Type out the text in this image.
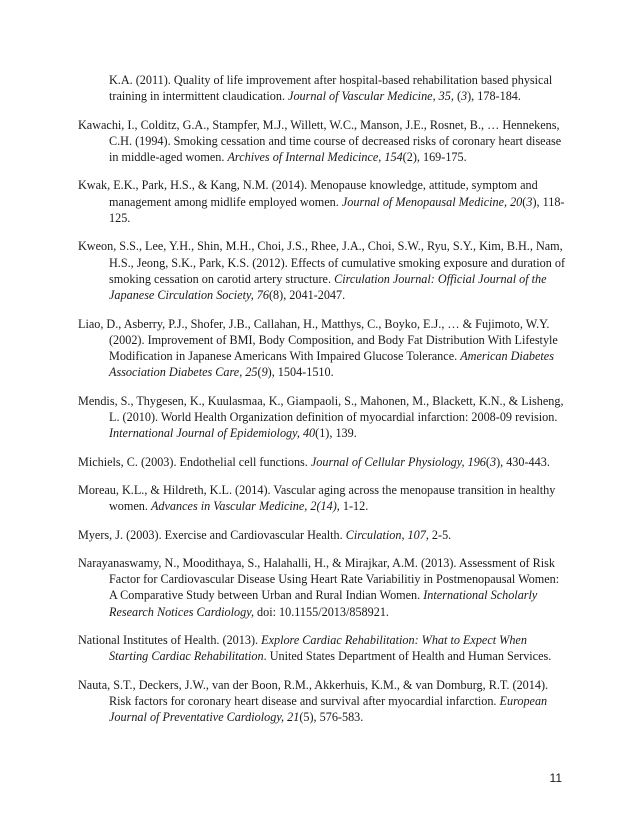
K.A. (2011). Quality of life improvement after hospital-based rehabilitation based physical training in intermittent claudication. Journal of Vascular Medicine, 35, (3), 178-184.

Kawachi, I., Colditz, G.A., Stampfer, M.J., Willett, W.C., Manson, J.E., Rosnet, B., … Hennekens, C.H. (1994). Smoking cessation and time course of decreased risks of coronary heart disease in middle-aged women. Archives of Internal Medicince, 154(2), 169-175.

Kwak, E.K., Park, H.S., & Kang, N.M. (2014). Menopause knowledge, attitude, symptom and management among midlife employed women. Journal of Menopausal Medicine, 20(3), 118-125.

Kweon, S.S., Lee, Y.H., Shin, M.H., Choi, J.S., Rhee, J.A., Choi, S.W., Ryu, S.Y., Kim, B.H., Nam, H.S., Jeong, S.K., Park, K.S. (2012). Effects of cumulative smoking exposure and duration of smoking cessation on carotid artery structure. Circulation Journal: Official Journal of the Japanese Circulation Society, 76(8), 2041-2047.

Liao, D., Asberry, P.J., Shofer, J.B., Callahan, H., Matthys, C., Boyko, E.J., … & Fujimoto, W.Y. (2002). Improvement of BMI, Body Composition, and Body Fat Distribution With Lifestyle Modification in Japanese Americans With Impaired Glucose Tolerance. American Diabetes Association Diabetes Care, 25(9), 1504-1510.

Mendis, S., Thygesen, K., Kuulasmaa, K., Giampaoli, S., Mahonen, M., Blackett, K.N., & Lisheng, L. (2010). World Health Organization definition of myocardial infarction: 2008-09 revision. International Journal of Epidemiology, 40(1), 139.

Michiels, C. (2003). Endothelial cell functions. Journal of Cellular Physiology, 196(3), 430-443.

Moreau, K.L., & Hildreth, K.L. (2014). Vascular aging across the menopause transition in healthy women. Advances in Vascular Medicine, 2(14), 1-12.

Myers, J. (2003). Exercise and Cardiovascular Health. Circulation, 107, 2-5.

Narayanaswamy, N., Moodithaya, S., Halahalli, H., & Mirajkar, A.M. (2013). Assessment of Risk Factor for Cardiovascular Disease Using Heart Rate Variabilitiy in Postmenopausal Women: A Comparative Study between Urban and Rural Indian Women. International Scholarly Research Notices Cardiology, doi: 10.1155/2013/858921.

National Institutes of Health. (2013). Explore Cardiac Rehabilitation: What to Expect When Starting Cardiac Rehabilitation. United States Department of Health and Human Services.

Nauta, S.T., Deckers, J.W., van der Boon, R.M., Akkerhuis, K.M., & van Domburg, R.T. (2014). Risk factors for coronary heart disease and survival after myocardial infarction. European Journal of Preventative Cardiology, 21(5), 576-583.

11
